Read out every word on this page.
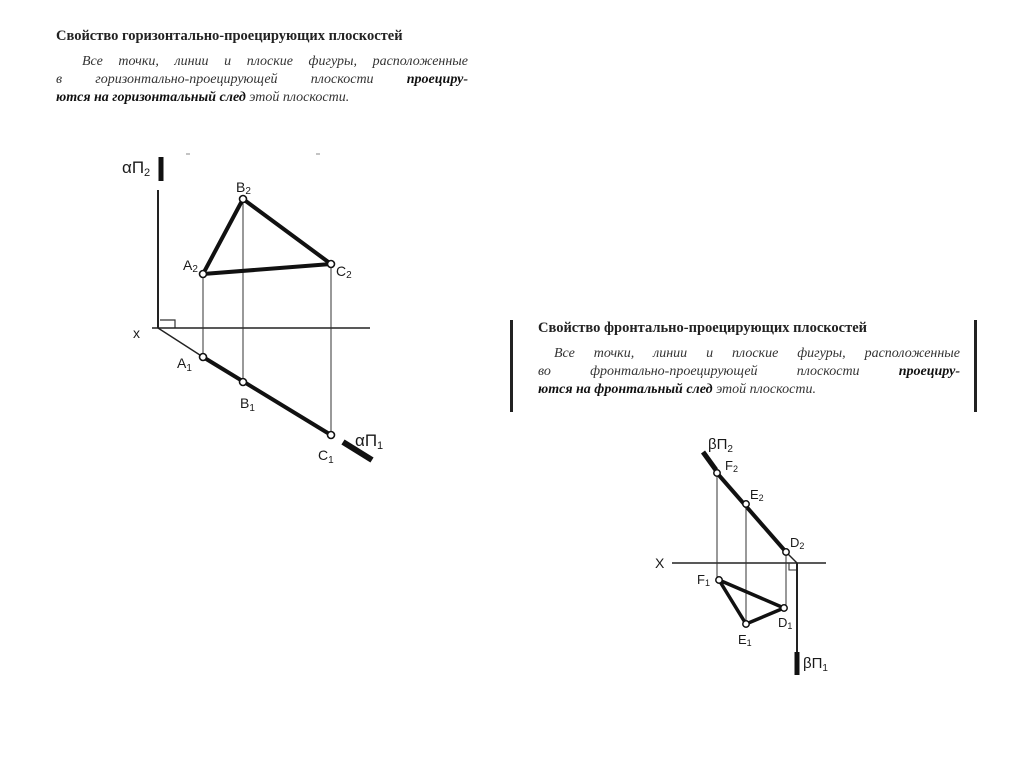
Свойство горизонтально-проецирующих плоскостей
Все точки, линии и плоские фигуры, расположенные
в горизонтально-проецирующей плоскости проециру-
ются на горизонтальный след этой плоскости.
Свойство фронтально-проецирующих плоскостей
Все точки, линии и плоские фигуры, расположенные
во фронтально-проецирующей плоскости	проециру-
ются на фронтальный след этой плоскости.
αП2
x
B2
A2	C2
$A_1$
$B_1$
$C_1$
αП1	$\beta П_2$
F2
E2
D2
X
F1
D1
E1
$\beta П_1$
